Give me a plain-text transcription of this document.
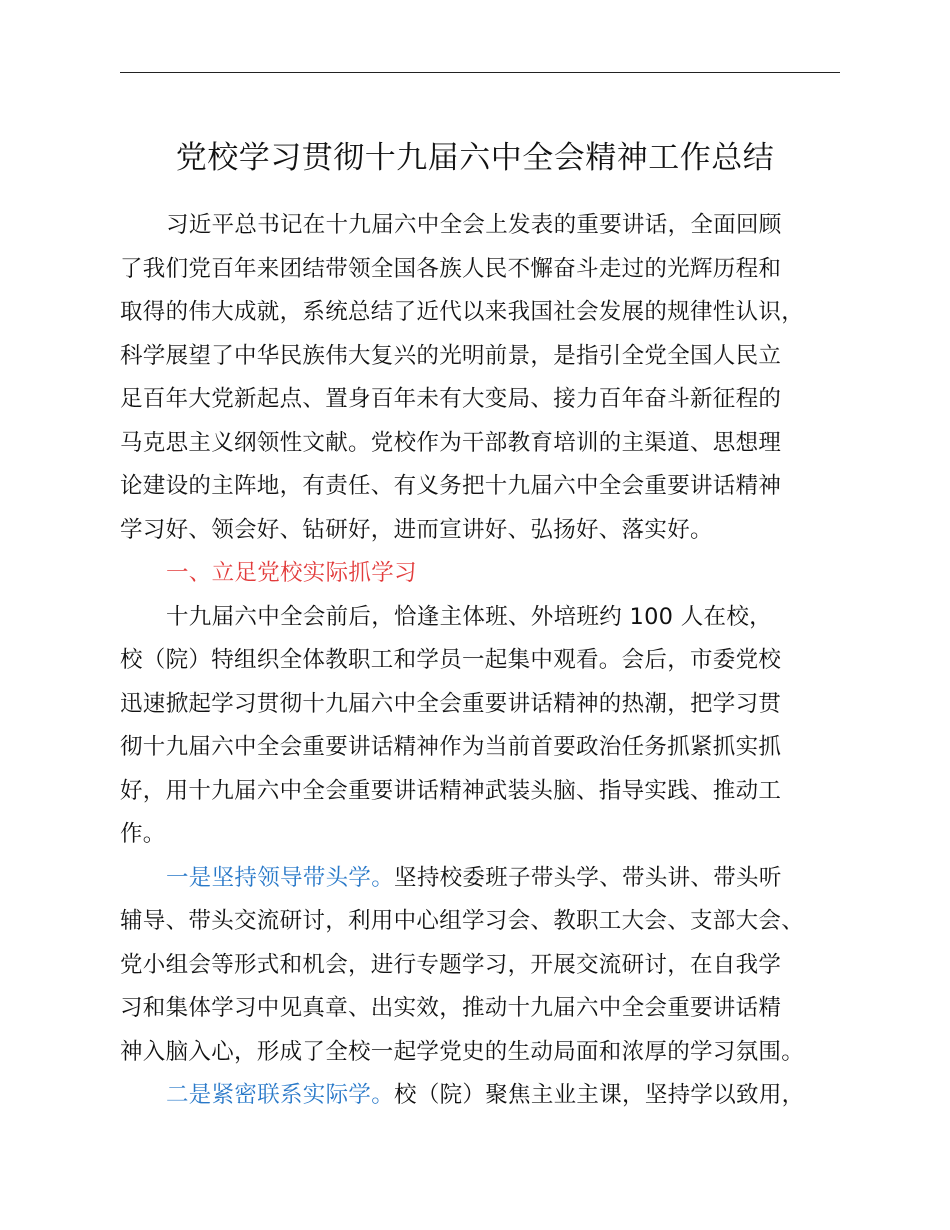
党校学习贯彻十九届六中全会精神工作总结
习近平总书记在十九届六中全会上发表的重要讲话，全面回顾
了我们党百年来团结带领全国各族人民不懈奋斗走过的光辉历程和
取得的伟大成就，系统总结了近代以来我国社会发展的规律性认识，
科学展望了中华民族伟大复兴的光明前景，是指引全党全国人民立
足百年大党新起点、置身百年未有大变局、接力百年奋斗新征程的
马克思主义纲领性文献。党校作为干部教育培训的主渠道、思想理
论建设的主阵地，有责任、有义务把十九届六中全会重要讲话精神
学习好、领会好、钻研好，进而宣讲好、弘扬好、落实好。
一、立足党校实际抓学习
十九届六中全会前后，恰逢主体班、外培班约 100 人在校，
校（院）特组织全体教职工和学员一起集中观看。会后，市委党校
迅速掀起学习贯彻十九届六中全会重要讲话精神的热潮，把学习贯
彻十九届六中全会重要讲话精神作为当前首要政治任务抓紧抓实抓
好，用十九届六中全会重要讲话精神武装头脑、指导实践、推动工
作。
一是坚持领导带头学。坚持校委班子带头学、带头讲、带头听
辅导、带头交流研讨，利用中心组学习会、教职工大会、支部大会、
党小组会等形式和机会，进行专题学习，开展交流研讨，在自我学
习和集体学习中见真章、出实效，推动十九届六中全会重要讲话精
神入脑入心，形成了全校一起学党史的生动局面和浓厚的学习氛围。
二是紧密联系实际学。校（院）聚焦主业主课，坚持学以致用，
